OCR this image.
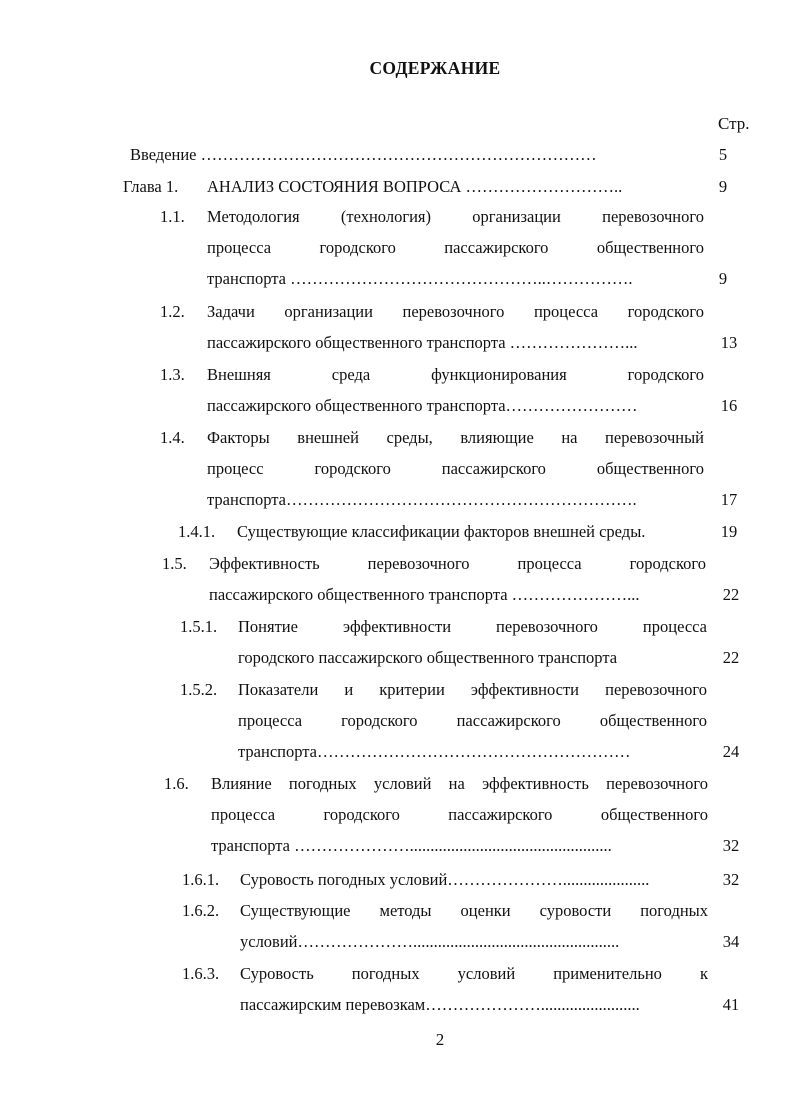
СОДЕРЖАНИЕ
Стр.
Введение ………………………………………………………………	5
Глава 1. АНАЛИЗ СОСТОЯНИЯ ВОПРОСА ………………………..	9
1.1. Методология (технология) организации перевозочного
процесса городского пассажирского общественного
транспорта ………………………………………..…………….	9
1.2. Задачи организации перевозочного процесса городского
пассажирского общественного транспорта …………………...	13
1.3. Внешняя среда функционирования городского
пассажирского общественного транспорта……………………	16
1.4. Факторы внешней среды, влияющие на перевозочный
процесс городского пассажирского общественного
транспорта……………………………………………………….	17
1.4.1. Существующие классификации факторов внешней среды.	19
1.5. Эффективность перевозочного процесса городского
пассажирского общественного транспорта …………………...	22
1.5.1. Понятие эффективности перевозочного процесса
городского пассажирского общественного транспорта	22
1.5.2. Показатели и критерии эффективности перевозочного
процесса городского пассажирского общественного
транспорта…………………………………………………	24
1.6. Влияние погодных условий на эффективность перевозочного
процесса городского пассажирского общественного
транспорта ………………….................................................	32
1.6.1. Суровость погодных условий………………….....................	32
1.6.2. Существующие методы оценки суровости погодных
условий…………………..................................................	34
1.6.3. Суровость погодных условий применительно к
пассажирским перевозкам…………………........................	41
2
